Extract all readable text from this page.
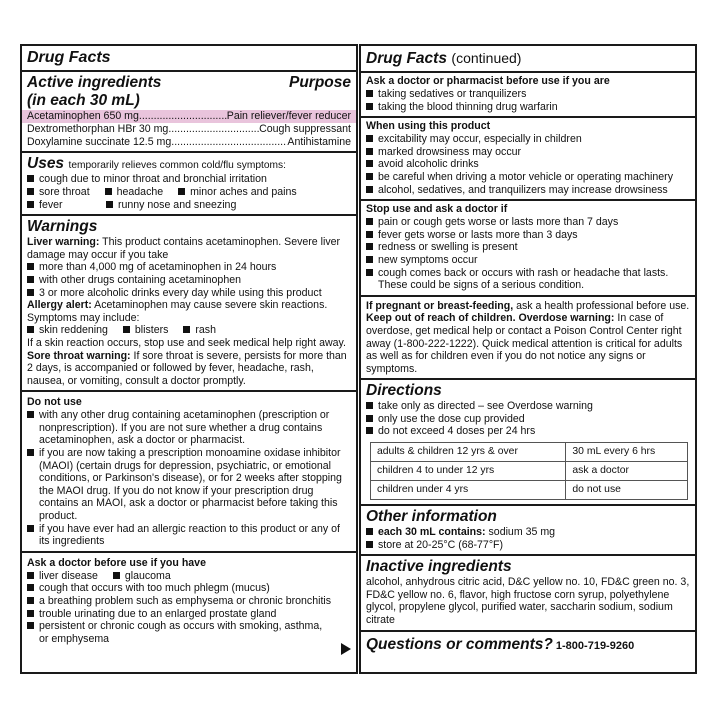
Drug Facts
Active ingredients
(in each 30 mL)
Purpose
Acetaminophen 650 mg .....	Pain reliever/fever reducer
Dextromethorphan HBr 30 mg .....	Cough suppressant
Doxylamine succinate 12.5 mg .....	Antihistamine
Uses temporarily relieves common cold/flu symptoms:
cough due to minor throat and bronchial irritation
sore throat	headache	minor aches and pains
fever	runny nose and sneezing
Warnings
Liver warning: This product contains acetaminophen. Severe liver damage may occur if you take
more than 4,000 mg of acetaminophen in 24 hours
with other drugs containing acetaminophen
3 or more alcoholic drinks every day while using this product
Allergy alert: Acetaminophen may cause severe skin reactions. Symptoms may include:
skin reddening	blisters	rash
If a skin reaction occurs, stop use and seek medical help right away.
Sore throat warning: If sore throat is severe, persists for more than 2 days, is accompanied or followed by fever, headache, rash, nausea, or vomiting, consult a doctor promptly.
Do not use
with any other drug containing acetaminophen (prescription or nonprescription). If you are not sure whether a drug contains acetaminophen, ask a doctor or pharmacist.
if you are now taking a prescription monoamine oxidase inhibitor (MAOI) (certain drugs for depression, psychiatric, or emotional conditions, or Parkinson's disease), or for 2 weeks after stopping the MAOI drug. If you do not know if your prescription drug contains an MAOI, ask a doctor or pharmacist before taking this product.
if you have ever had an allergic reaction to this product or any of its ingredients
Ask a doctor before use if you have
liver disease	glaucoma
cough that occurs with too much phlegm (mucus)
a breathing problem such as emphysema or chronic bronchitis
trouble urinating due to an enlarged prostate gland
persistent or chronic cough as occurs with smoking, asthma, or emphysema
Drug Facts (continued)
Ask a doctor or pharmacist before use if you are
taking sedatives or tranquilizers
taking the blood thinning drug warfarin
When using this product
excitability may occur, especially in children
marked drowsiness may occur
avoid alcoholic drinks
be careful when driving a motor vehicle or operating machinery
alcohol, sedatives, and tranquilizers may increase drowsiness
Stop use and ask a doctor if
pain or cough gets worse or lasts more than 7 days
fever gets worse or lasts more than 3 days
redness or swelling is present
new symptoms occur
cough comes back or occurs with rash or headache that lasts. These could be signs of a serious condition.
If pregnant or breast-feeding, ask a health professional before use.
Keep out of reach of children. Overdose warning: In case of overdose, get medical help or contact a Poison Control Center right away (1-800-222-1222). Quick medical attention is critical for adults as well as for children even if you do not notice any signs or symptoms.
Directions
take only as directed – see Overdose warning
only use the dose cup provided
do not exceed 4 doses per 24 hrs
adults & children 12 yrs & over	30 mL every 6 hrs
children 4 to under 12 yrs	ask a doctor
children under 4 yrs	do not use
Other information
each 30 mL contains: sodium 35 mg
store at 20-25°C (68-77°F)
Inactive ingredients
alcohol, anhydrous citric acid, D&C yellow no. 10, FD&C green no. 3, FD&C yellow no. 6, flavor, high fructose corn syrup, polyethylene glycol, propylene glycol, purified water, saccharin sodium, sodium citrate
Questions or comments? 1-800-719-9260
